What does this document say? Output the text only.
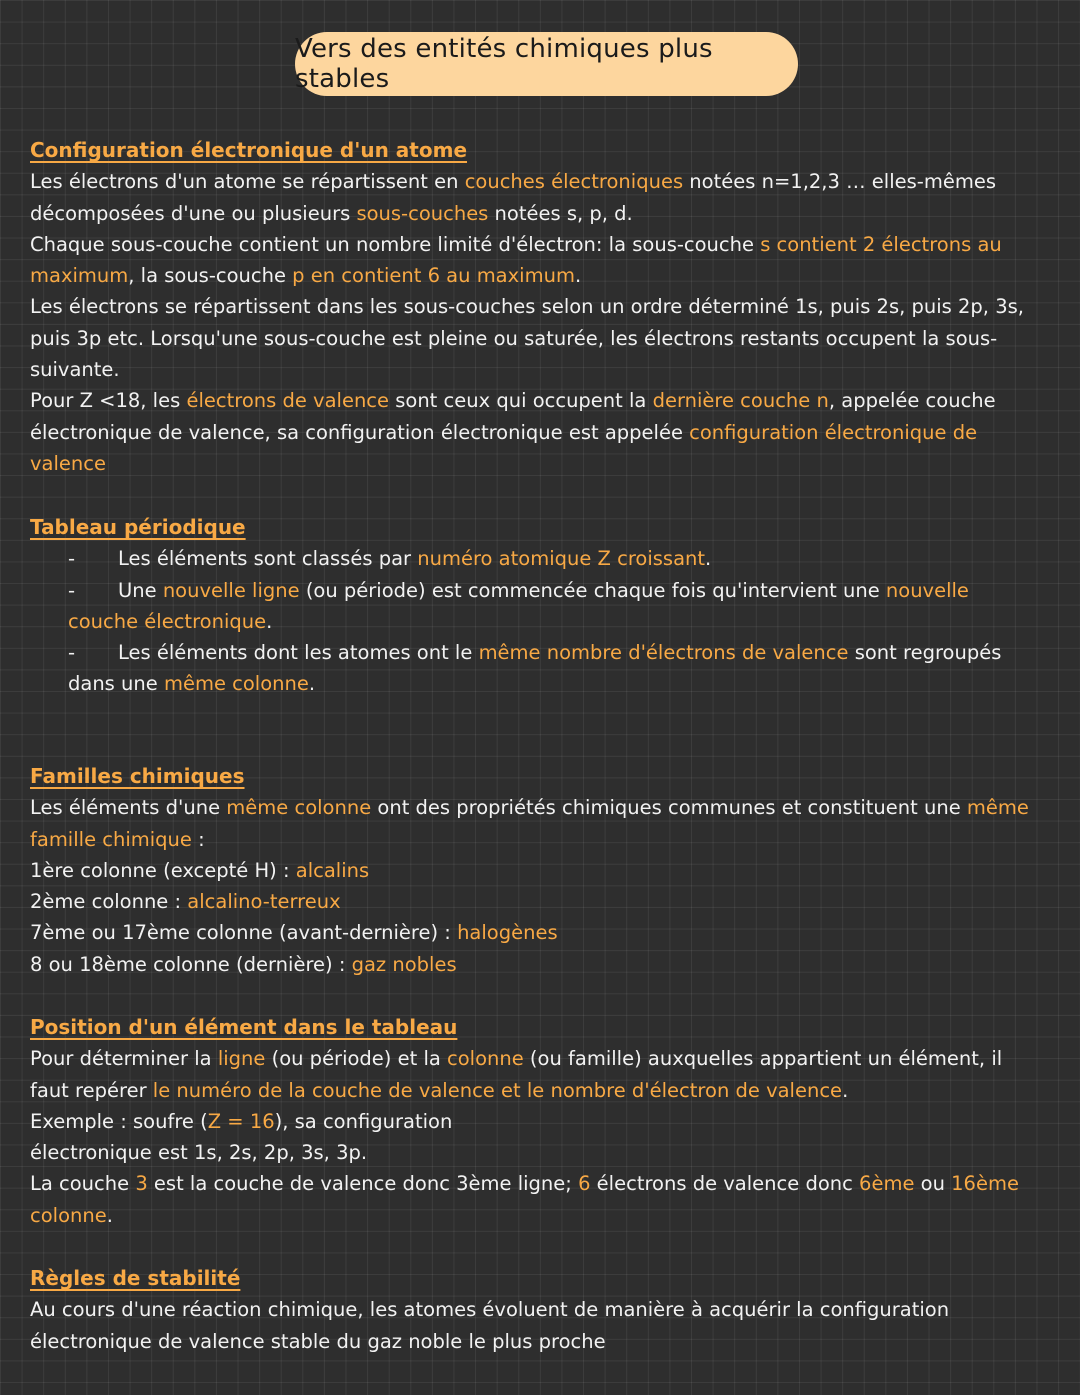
Vers des entités chimiques plus stables
Configuration électronique d'un atome

Les électrons d'un atome se répartissent en couches électroniques notées n=1,2,3 … elles-mêmes décomposées d'une ou plusieurs sous-couches notées s, p, d.

Chaque sous-couche contient un nombre limité d'électron: la sous-couche s contient 2 électrons au maximum, la sous-couche p en contient 6 au maximum.

Les électrons se répartissent dans les sous-couches selon un ordre déterminé 1s, puis 2s, puis 2p, 3s, puis 3p etc. Lorsqu'une sous-couche est pleine ou saturée, les électrons restants occupent la sous-suivante.

Pour Z <18, les électrons de valence sont ceux qui occupent la dernière couche n, appelée couche électronique de valence, sa configuration électronique est appelée configuration électronique de valence

Tableau périodique
- Les éléments sont classés par numéro atomique Z croissant.
- Une nouvelle ligne (ou période) est commencée chaque fois qu'intervient une nouvelle couche électronique.
- Les éléments dont les atomes ont le même nombre d'électrons de valence sont regroupés dans une même colonne.
Familles chimiques

Les éléments d'une même colonne ont des propriétés chimiques communes et constituent une même famille chimique :

1ère colonne (excepté H) : alcalins

2ème colonne : alcalino-terreux

7ème ou 17ème colonne (avant-dernière) : halogènes

8 ou 18ème colonne (dernière) : gaz nobles

Position d'un élément dans le tableau

Pour déterminer la ligne (ou période) et la colonne (ou famille) auxquelles appartient un élément, il faut repérer le numéro de la couche de valence et le nombre d'électron de valence.

Exemple : soufre (Z = 16), sa configuration

électronique est 1s, 2s, 2p, 3s, 3p.

La couche 3 est la couche de valence donc 3ème ligne; 6 électrons de valence donc 6ème ou 16ème colonne.

Règles de stabilité

Au cours d'une réaction chimique, les atomes évoluent de manière à acquérir la configuration

électronique de valence stable du gaz noble le plus proche
